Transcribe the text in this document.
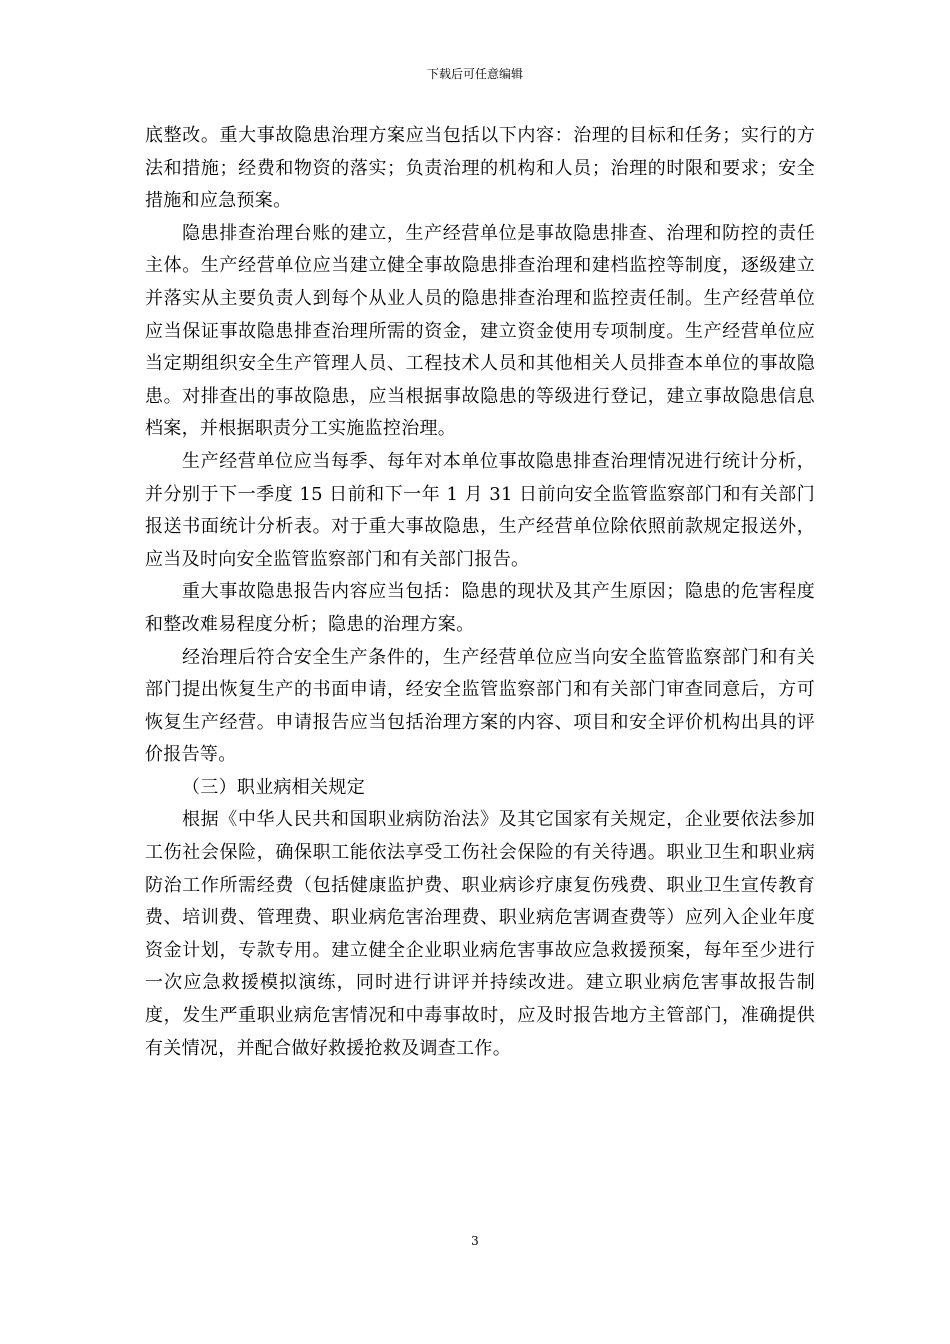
下载后可任意编辑

底整改。重大事故隐患治理方案应当包括以下内容：治理的目标和任务；实行的方法和措施；经费和物资的落实；负责治理的机构和人员；治理的时限和要求；安全措施和应急预案。

隐患排查治理台账的建立，生产经营单位是事故隐患排查、治理和防控的责任主体。生产经营单位应当建立健全事故隐患排查治理和建档监控等制度，逐级建立并落实从主要负责人到每个从业人员的隐患排查治理和监控责任制。生产经营单位应当保证事故隐患排查治理所需的资金，建立资金使用专项制度。生产经营单位应当定期组织安全生产管理人员、工程技术人员和其他相关人员排查本单位的事故隐患。对排查出的事故隐患，应当根据事故隐患的等级进行登记，建立事故隐患信息档案，并根据职责分工实施监控治理。

生产经营单位应当每季、每年对本单位事故隐患排查治理情况进行统计分析，并分别于下一季度 15 日前和下一年 1 月 31 日前向安全监管监察部门和有关部门报送书面统计分析表。对于重大事故隐患，生产经营单位除依照前款规定报送外，应当及时向安全监管监察部门和有关部门报告。

重大事故隐患报告内容应当包括：隐患的现状及其产生原因；隐患的危害程度和整改难易程度分析；隐患的治理方案。

经治理后符合安全生产条件的，生产经营单位应当向安全监管监察部门和有关部门提出恢复生产的书面申请，经安全监管监察部门和有关部门审查同意后，方可恢复生产经营。申请报告应当包括治理方案的内容、项目和安全评价机构出具的评价报告等。

（三）职业病相关规定

根据《中华人民共和国职业病防治法》及其它国家有关规定，企业要依法参加工伤社会保险，确保职工能依法享受工伤社会保险的有关待遇。职业卫生和职业病防治工作所需经费（包括健康监护费、职业病诊疗康复伤残费、职业卫生宣传教育费、培训费、管理费、职业病危害治理费、职业病危害调查费等）应列入企业年度资金计划，专款专用。建立健全企业职业病危害事故应急救援预案，每年至少进行一次应急救援模拟演练，同时进行讲评并持续改进。建立职业病危害事故报告制度，发生严重职业病危害情况和中毒事故时，应及时报告地方主管部门，准确提供有关情况，并配合做好救援抢救及调查工作。

3
